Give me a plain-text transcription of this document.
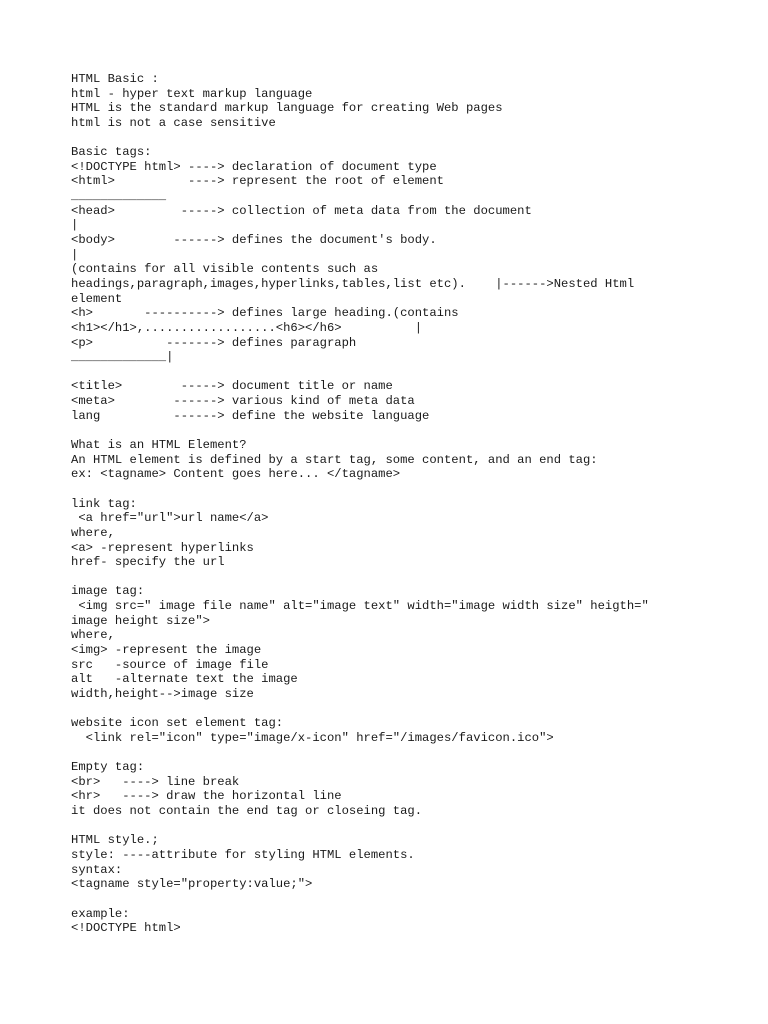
HTML Basic :
html - hyper text markup language
HTML is the standard markup language for creating Web pages
html is not a case sensitive
Basic tags:
<!DOCTYPE html> ----> declaration of document type
<html>          ----> represent the root of element
_____________
<head>         -----> collection of meta data from the document
|
<body>        ------> defines the document's body.
|
(contains for all visible contents such as
headings,paragraph,images,hyperlinks,tables,list etc).    |------>Nested Html
element
<h>       ----------> defines large heading.(contains
<h1></h1>,..................<h6></h6>          |
<p>          -------> defines paragraph
_____________|
<title>        -----> document title or name
<meta>        ------> various kind of meta data
lang          ------> define the website language
What is an HTML Element?
An HTML element is defined by a start tag, some content, and an end tag:
ex: <tagname> Content goes here... </tagname>
link tag:
<a href="url">url name</a>
where,
<a> -represent hyperlinks
href- specify the url
image tag:
<img src=" image file name" alt="image text" width="image width size" heigth="
image height size">
where,
<img> -represent the image
src   -source of image file
alt   -alternate text the image
width,height-->image size
website icon set element tag:
<link rel="icon" type="image/x-icon" href="/images/favicon.ico">
Empty tag:
<br>   ----> line break
<hr>   ----> draw the horizontal line
it does not contain the end tag or closeing tag.
HTML style.;
style: ----attribute for styling HTML elements.
syntax:
<tagname style="property:value;">
example:
<!DOCTYPE html>
